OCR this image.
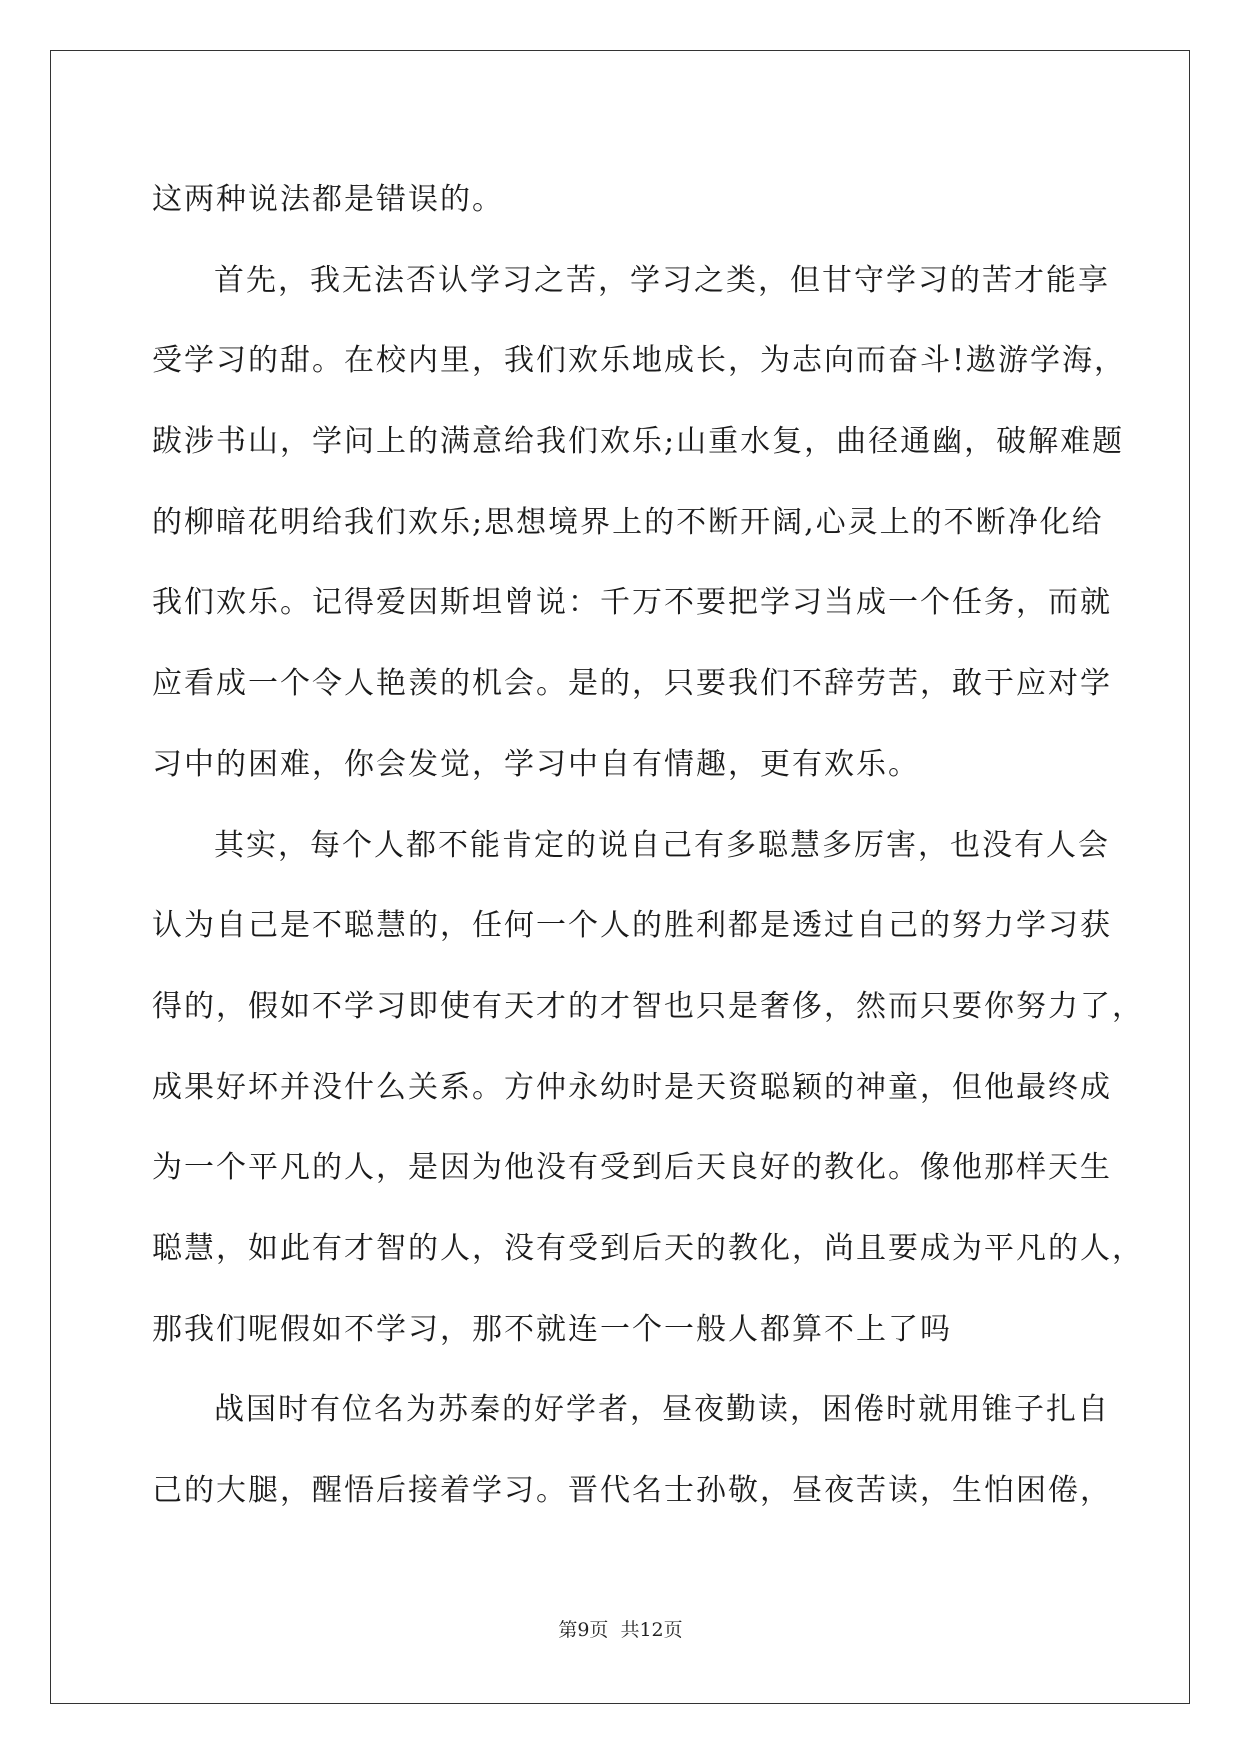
这两种说法都是错误的。
首先，我无法否认学习之苦，学习之类，但甘守学习的苦才能享
受学习的甜。在校内里，我们欢乐地成长，为志向而奋斗!遨游学海，
跋涉书山，学问上的满意给我们欢乐;山重水复，曲径通幽，破解难题
的柳暗花明给我们欢乐;思想境界上的不断开阔,心灵上的不断净化给
我们欢乐。记得爱因斯坦曾说：千万不要把学习当成一个任务，而就
应看成一个令人艳羡的机会。是的，只要我们不辞劳苦，敢于应对学
习中的困难，你会发觉，学习中自有情趣，更有欢乐。
其实，每个人都不能肯定的说自己有多聪慧多厉害，也没有人会
认为自己是不聪慧的，任何一个人的胜利都是透过自己的努力学习获
得的，假如不学习即使有天才的才智也只是奢侈，然而只要你努力了，
成果好坏并没什么关系。方仲永幼时是天资聪颖的神童，但他最终成
为一个平凡的人，是因为他没有受到后天良好的教化。像他那样天生
聪慧，如此有才智的人，没有受到后天的教化，尚且要成为平凡的人，
那我们呢假如不学习，那不就连一个一般人都算不上了吗
战国时有位名为苏秦的好学者，昼夜勤读，困倦时就用锥子扎自
己的大腿，醒悟后接着学习。晋代名士孙敬，昼夜苦读，生怕困倦，
第9页 共12页
